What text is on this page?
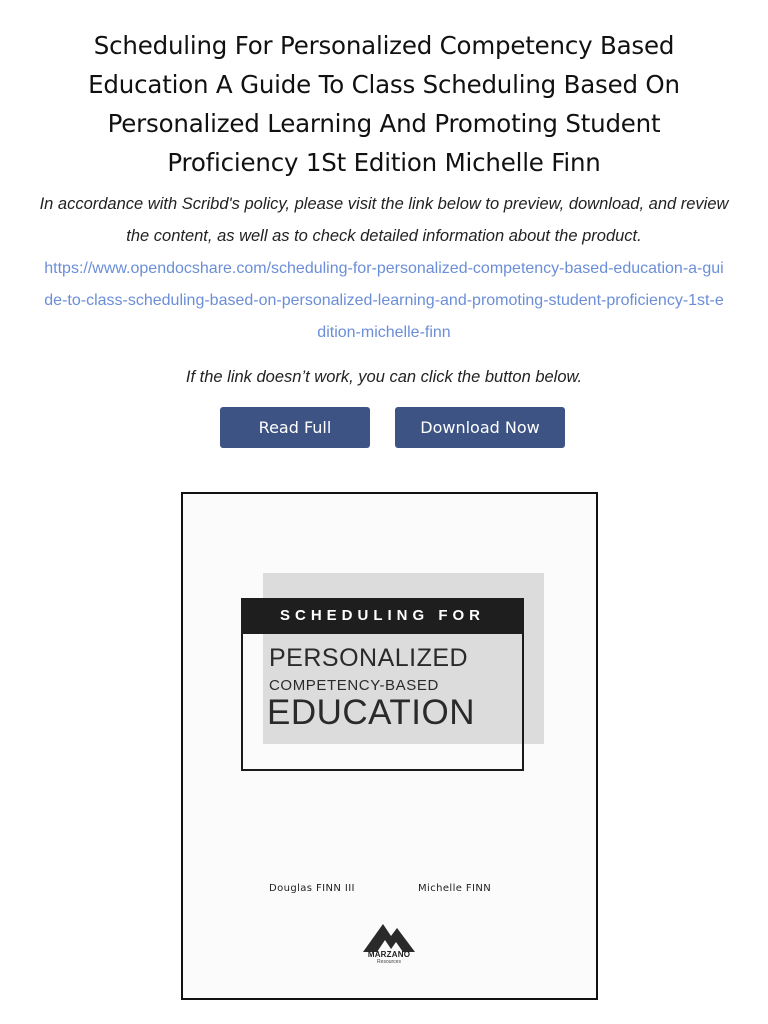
Scheduling For Personalized Competency Based Education A Guide To Class Scheduling Based On Personalized Learning And Promoting Student Proficiency 1St Edition Michelle Finn
In accordance with Scribd's policy, please visit the link below to preview, download, and review the content, as well as to check detailed information about the product.
https://www.opendocshare.com/scheduling-for-personalized-competency-based-education-a-guide-to-class-scheduling-based-on-personalized-learning-and-promoting-student-proficiency-1st-edition-michelle-finn
If the link doesn’t work, you can click the button below.
Read Full	Download Now
SCHEDULING FOR
PERSONALIZED
COMPETENCY-BASED
EDUCATION
Douglas FINN III	Michelle FINN
MARZANO
Resources
